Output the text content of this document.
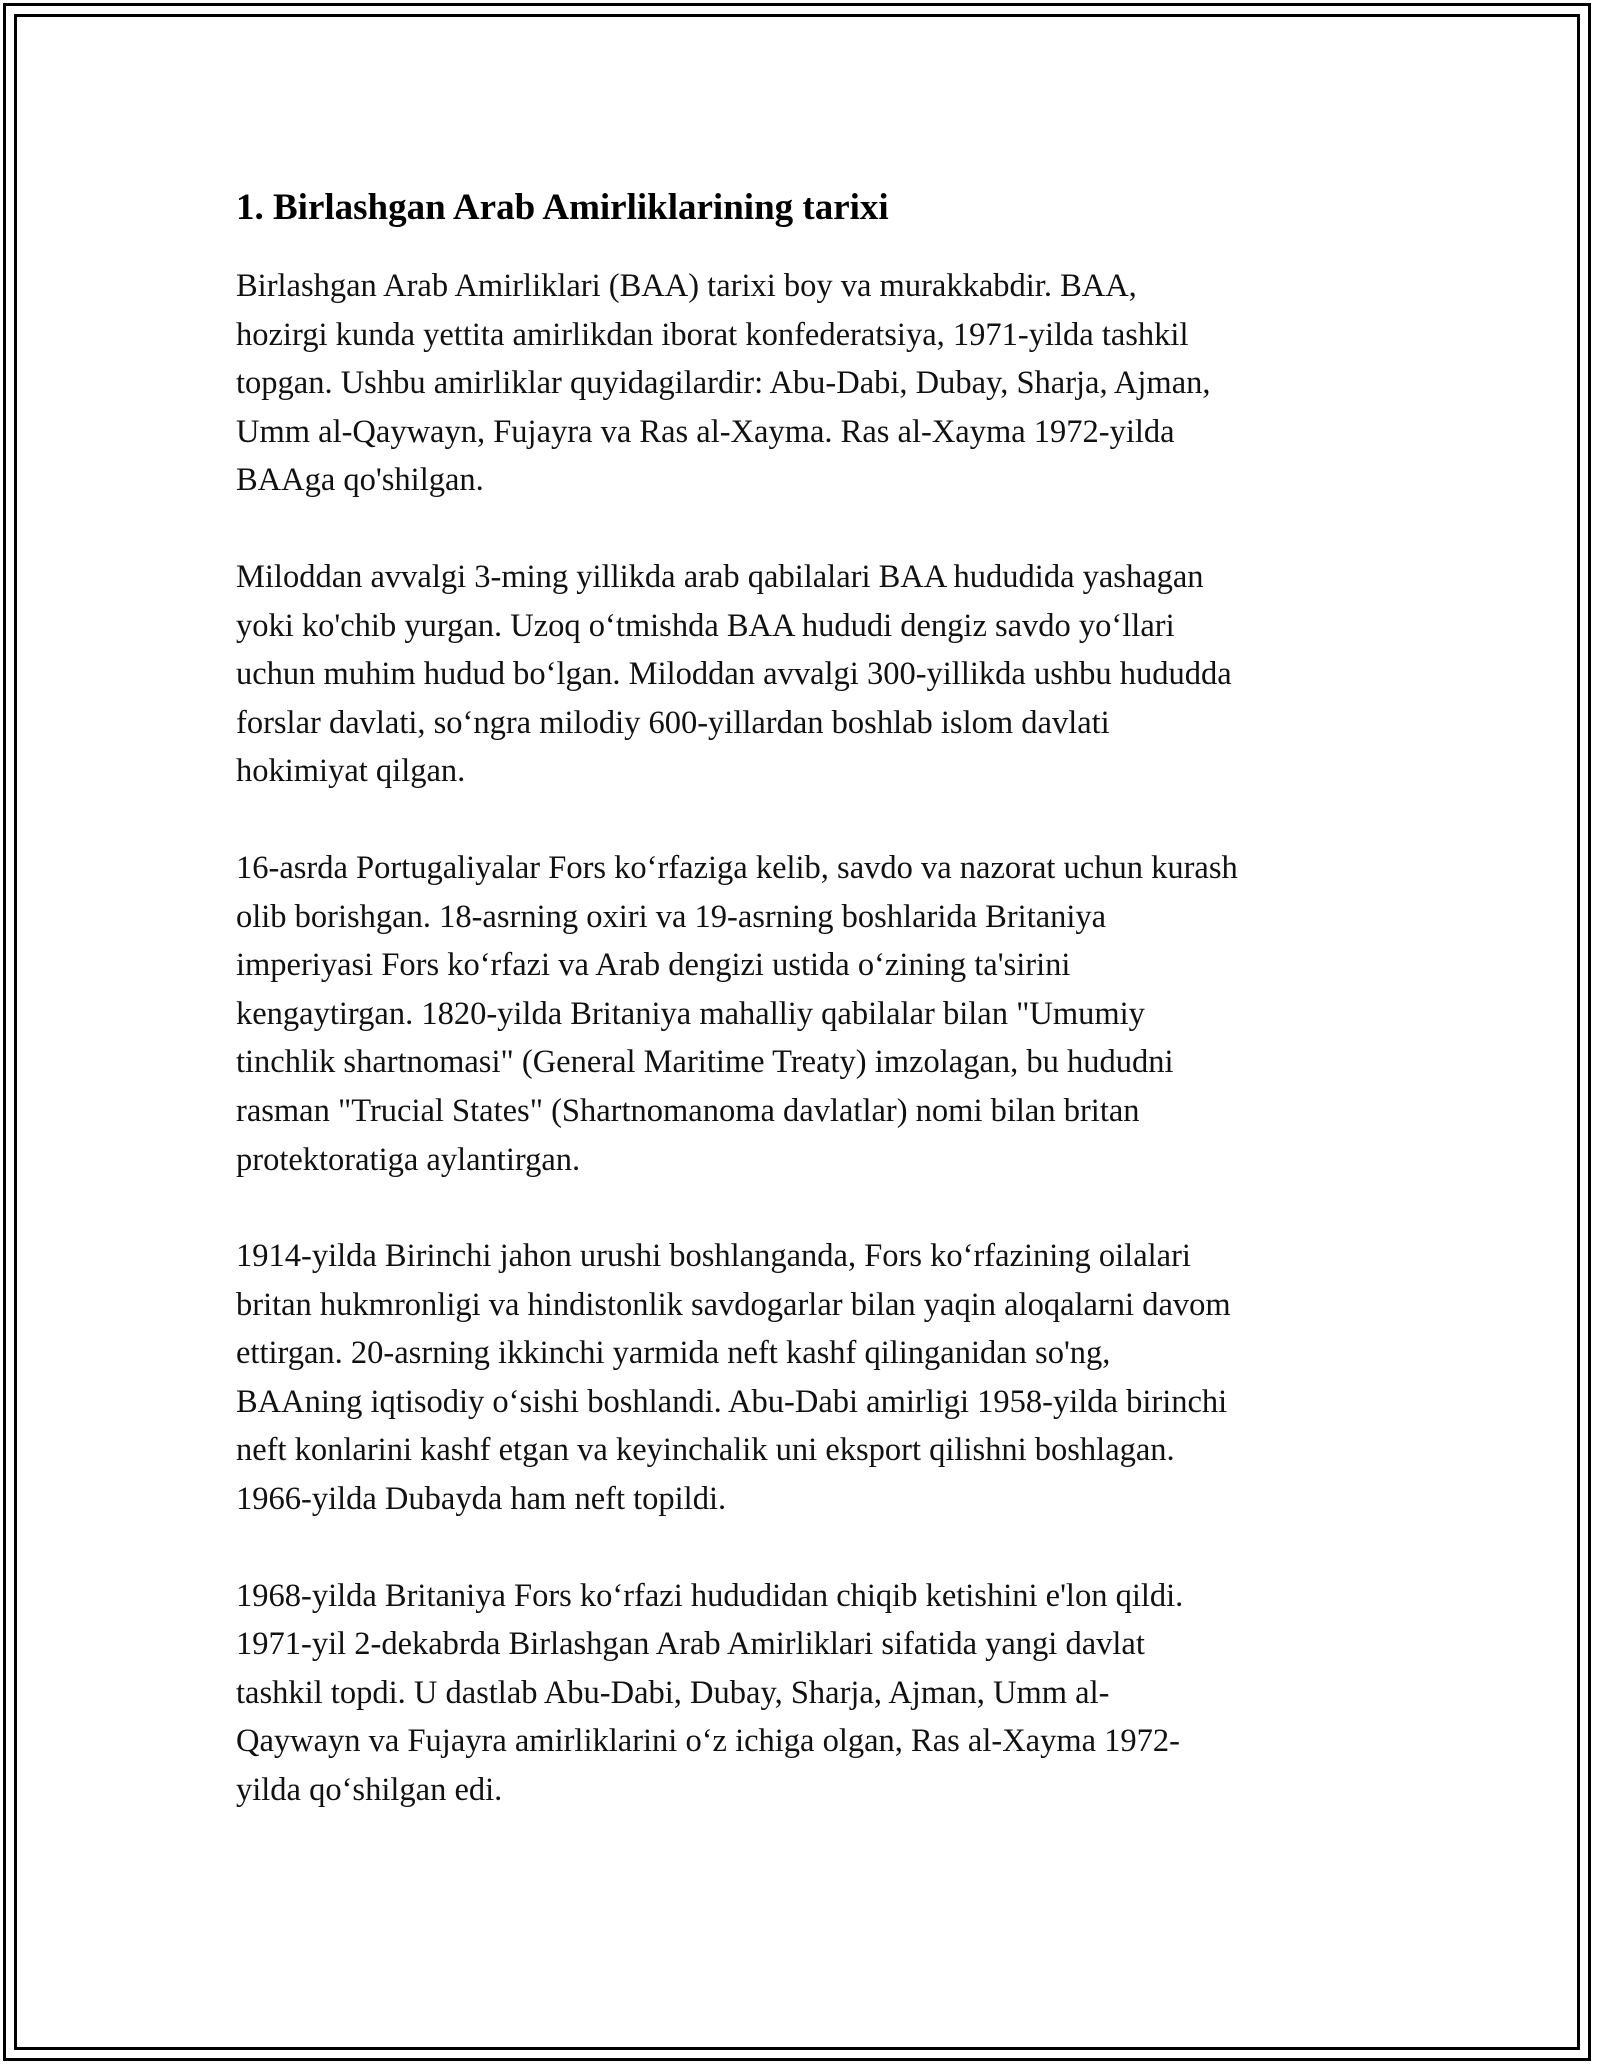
1. Birlashgan Arab Amirliklarining tarixi

Birlashgan Arab Amirliklari (BAA) tarixi boy va murakkabdir. BAA,
hozirgi kunda yettita amirlikdan iborat konfederatsiya, 1971-yilda tashkil
topgan. Ushbu amirliklar quyidagilardir: Abu-Dabi, Dubay, Sharja, Ajman,
Umm al-Qaywayn, Fujayra va Ras al-Xayma. Ras al-Xayma 1972-yilda
BAAga qo'shilgan.

Miloddan avvalgi 3-ming yillikda arab qabilalari BAA hududida yashagan
yoki ko'chib yurgan. Uzoq oʻtmishda BAA hududi dengiz savdo yoʻllari
uchun muhim hudud boʻlgan. Miloddan avvalgi 300-yillikda ushbu hududda
forslar davlati, soʻngra milodiy 600-yillardan boshlab islom davlati
hokimiyat qilgan.

16-asrda Portugaliyalar Fors koʻrfaziga kelib, savdo va nazorat uchun kurash
olib borishgan. 18-asrning oxiri va 19-asrning boshlarida Britaniya
imperiyasi Fors koʻrfazi va Arab dengizi ustida oʻzining ta'sirini
kengaytirgan. 1820-yilda Britaniya mahalliy qabilalar bilan "Umumiy
tinchlik shartnomasi" (General Maritime Treaty) imzolagan, bu hududni
rasman "Trucial States" (Shartnomanoma davlatlar) nomi bilan britan
protektoratiga aylantirgan.

1914-yilda Birinchi jahon urushi boshlanganda, Fors koʻrfazining oilalari
britan hukmronligi va hindistonlik savdogarlar bilan yaqin aloqalarni davom
ettirgan. 20-asrning ikkinchi yarmida neft kashf qilinganidan so'ng,
BAAning iqtisodiy oʻsishi boshlandi. Abu-Dabi amirligi 1958-yilda birinchi
neft konlarini kashf etgan va keyinchalik uni eksport qilishni boshlagan.
1966-yilda Dubayda ham neft topildi.

1968-yilda Britaniya Fors koʻrfazi hududidan chiqib ketishini e'lon qildi.
1971-yil 2-dekabrda Birlashgan Arab Amirliklari sifatida yangi davlat
tashkil topdi. U dastlab Abu-Dabi, Dubay, Sharja, Ajman, Umm al-
Qaywayn va Fujayra amirliklarini oʻz ichiga olgan, Ras al-Xayma 1972-
yilda qoʻshilgan edi.
